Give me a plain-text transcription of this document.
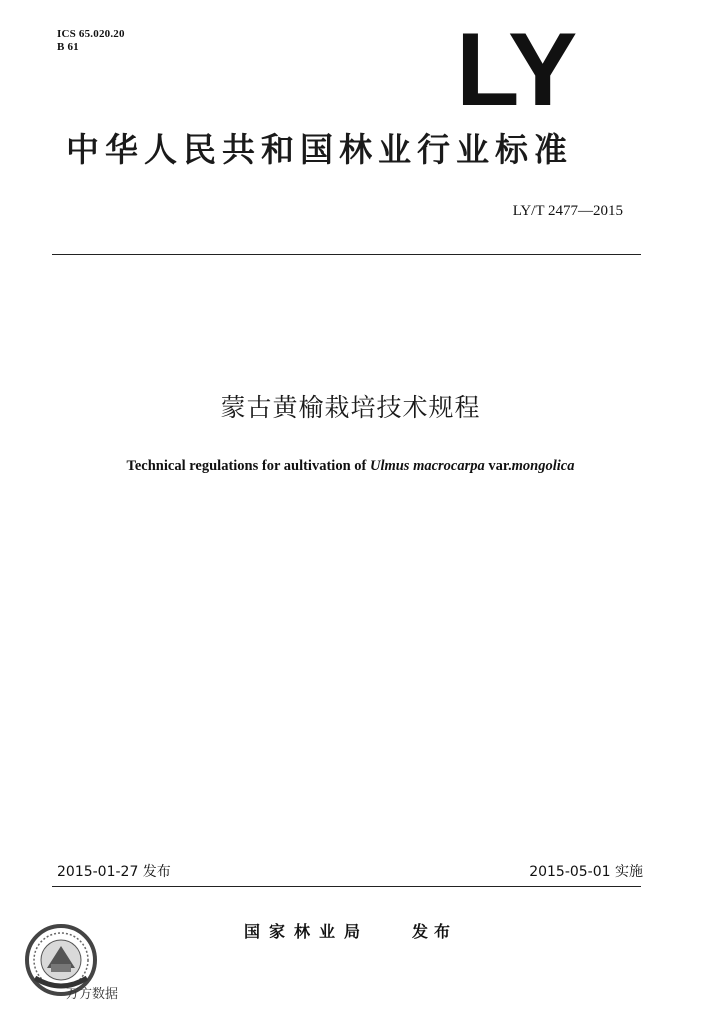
ICS 65.020.20
B 61	LY
中华人民共和国林业行业标准
LY/T 2477—2015
蒙古黄榆栽培技术规程
Technical regulations for aultivation of Ulmus macrocarpa var.mongolica
2015-01-27 发布	2015-05-01 实施
国家林业局	发布
万方数据
